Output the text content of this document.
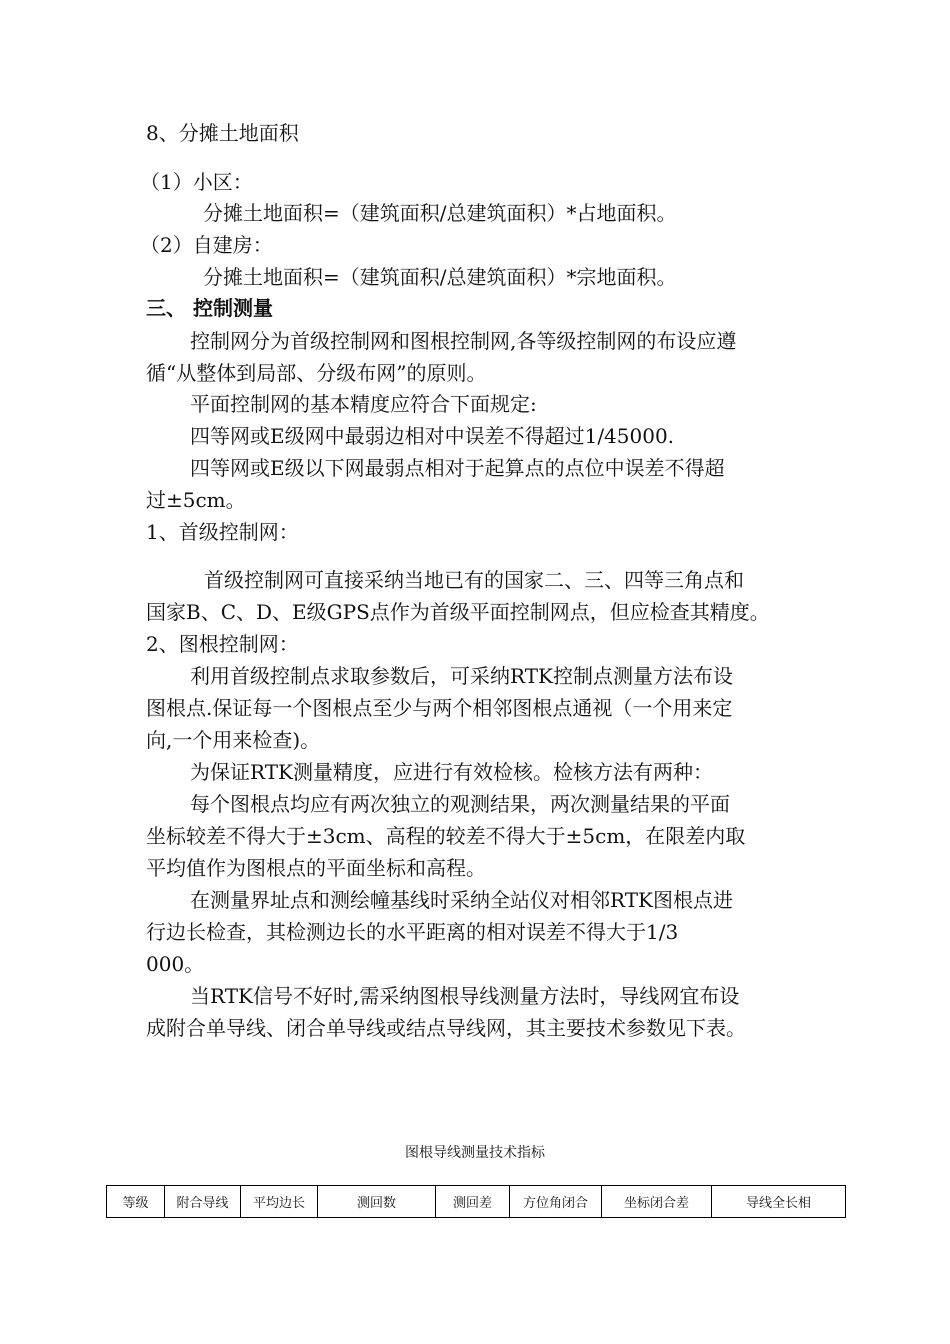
8、分摊土地面积

（1）小区：

分摊土地面积=（建筑面积/总建筑面积）*占地面积。

（2）自建房：

分摊土地面积=（建筑面积/总建筑面积）*宗地面积。

三、 控制测量

控制网分为首级控制网和图根控制网,各等级控制网的布设应遵

循“从整体到局部、分级布网”的原则。

平面控制网的基本精度应符合下面规定:

四等网或E级网中最弱边相对中误差不得超过1/45000.

四等网或E级以下网最弱点相对于起算点的点位中误差不得超

过±5cm。

1、首级控制网：

首级控制网可直接采纳当地已有的国家二、三、四等三角点和

国家B、C、D、E级GPS点作为首级平面控制网点，但应检查其精度。

2、图根控制网：

利用首级控制点求取参数后，可采纳RTK控制点测量方法布设

图根点.保证每一个图根点至少与两个相邻图根点通视（一个用来定

向,一个用来检查)。

为保证RTK测量精度，应进行有效检核。检核方法有两种：

每个图根点均应有两次独立的观测结果，两次测量结果的平面

坐标较差不得大于±3cm、高程的较差不得大于±5cm，在限差内取

平均值作为图根点的平面坐标和高程。

在测量界址点和测绘幢基线时采纳全站仪对相邻RTK图根点进

行边长检查，其检测边长的水平距离的相对误差不得大于1/3

000。

当RTK信号不好时,需采纳图根导线测量方法时，导线网宜布设

成附合单导线、闭合单导线或结点导线网，其主要技术参数见下表。

图根导线测量技术指标

等级	附合导线	平均边长	测回数	测回差	方位角闭合	坐标闭合差	导线全长相
